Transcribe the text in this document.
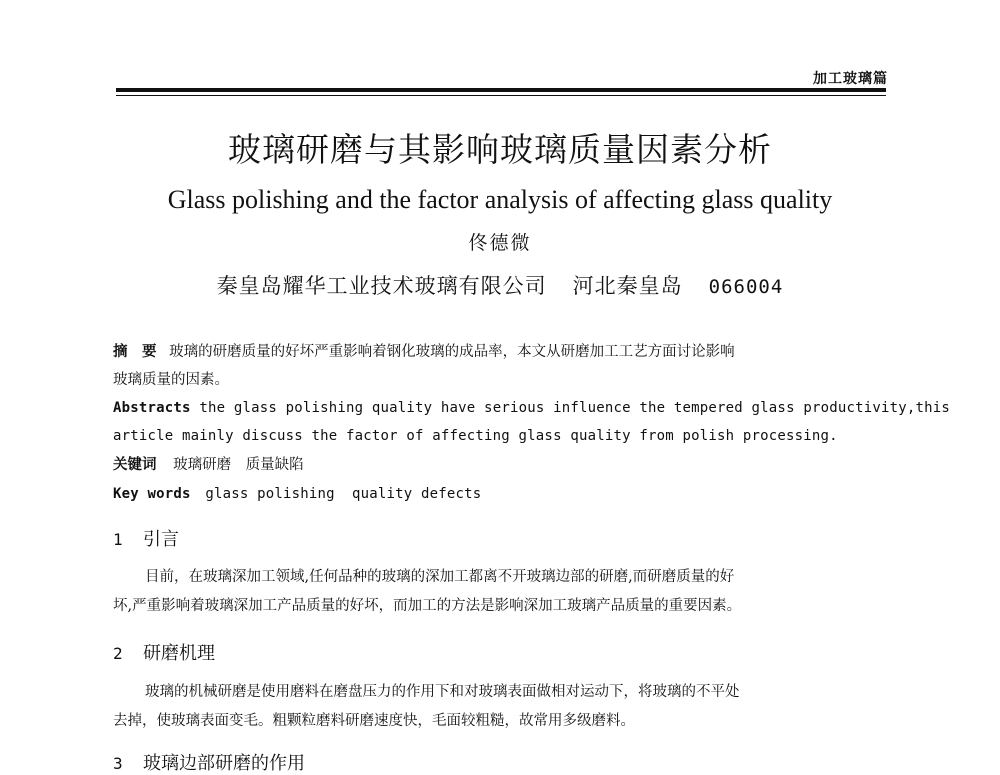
加工玻璃篇
玻璃研磨与其影响玻璃质量因素分析
Glass polishing and the factor analysis of affecting glass quality
佟德微
秦皇岛耀华工业技术玻璃有限公司 河北秦皇岛 066004
摘　要 玻璃的研磨质量的好坏严重影响着钢化玻璃的成品率，本文从研磨加工工艺方面讨论影响
玻璃质量的因素。
Abstracts the glass polishing quality have serious influence the tempered glass productivity,this
article mainly discuss the factor of affecting glass quality from polish processing.
关键词 玻璃研磨　质量缺陷
Key words glass polishing  quality defects
1 引言
目前，在玻璃深加工领域,任何品种的玻璃的深加工都离不开玻璃边部的研磨,而研磨质量的好
坏,严重影响着玻璃深加工产品质量的好坏，而加工的方法是影响深加工玻璃产品质量的重要因素。
2 研磨机理
玻璃的机械研磨是使用磨料在磨盘压力的作用下和对玻璃表面做相对运动下，将玻璃的不平处
去掉，使玻璃表面变毛。粗颗粒磨料研磨速度快，毛面较粗糙，故常用多级磨料。
3 玻璃边部研磨的作用
